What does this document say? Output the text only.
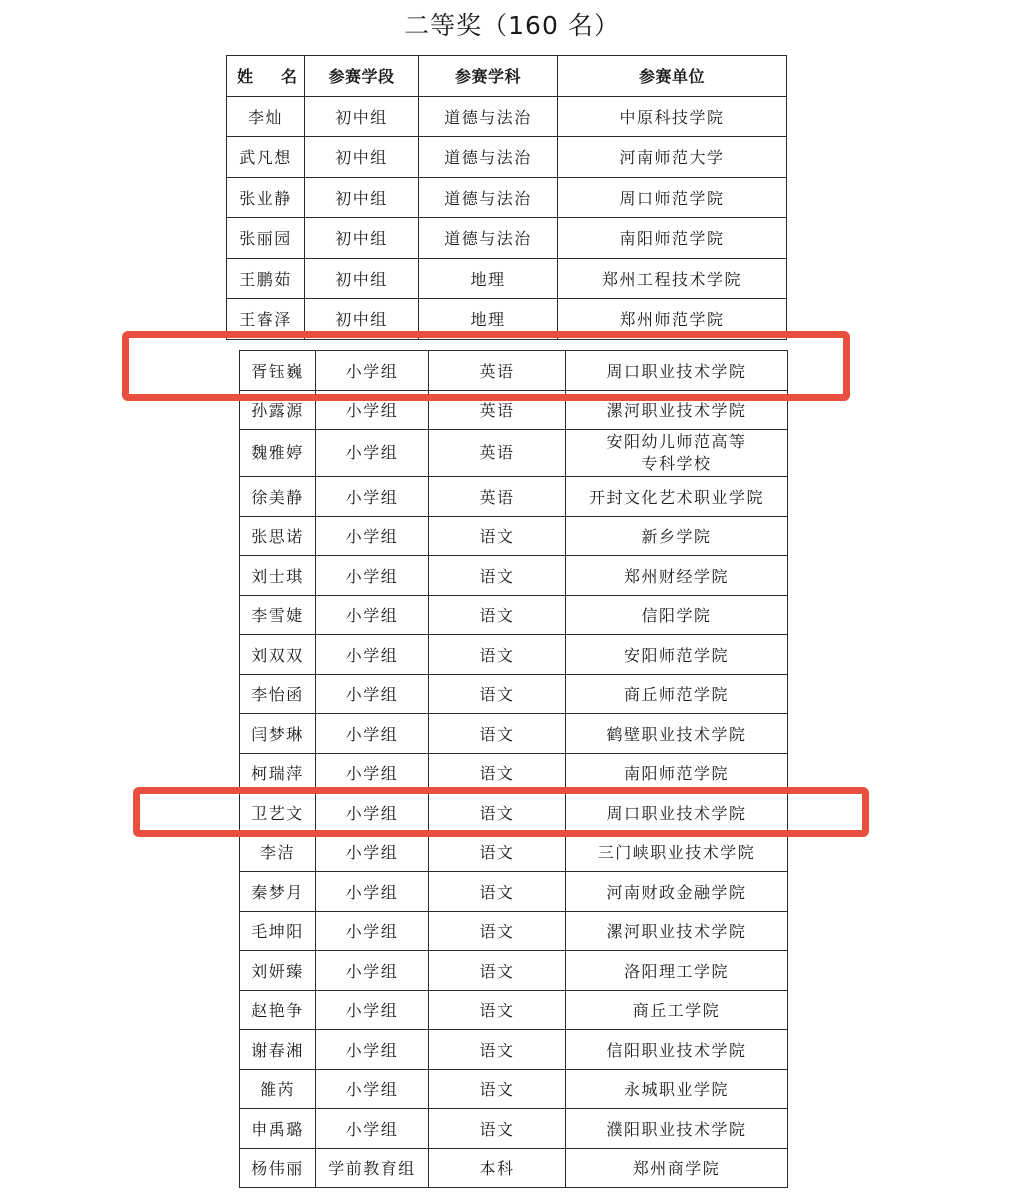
二等奖（160 名）
姓 名	参赛学段	参赛学科	参赛单位
李灿	初中组	道德与法治	中原科技学院
武凡想	初中组	道德与法治	河南师范大学
张业静	初中组	道德与法治	周口师范学院
张丽园	初中组	道德与法治	南阳师范学院
王鹏茹	初中组	地理	郑州工程技术学院
王睿泽	初中组	地理	郑州师范学院
胥钰巍	小学组	英语	周口职业技术学院
孙露源	小学组	英语	漯河职业技术学院
魏雅婷	小学组	英语	安阳幼儿师范高等
专科学校

徐美静	小学组	英语	开封文化艺术职业学院
张思诺	小学组	语文	新乡学院
刘士琪	小学组	语文	郑州财经学院
李雪婕	小学组	语文	信阳学院
刘双双	小学组	语文	安阳师范学院
李怡函	小学组	语文	商丘师范学院
闫梦琳	小学组	语文	鹤壁职业技术学院
柯瑞萍	小学组	语文	南阳师范学院
卫艺文	小学组	语文	周口职业技术学院
李洁	小学组	语文	三门峡职业技术学院
秦梦月	小学组	语文	河南财政金融学院
毛坤阳	小学组	语文	漯河职业技术学院
刘妍臻	小学组	语文	洛阳理工学院
赵艳争	小学组	语文	商丘工学院
谢春湘	小学组	语文	信阳职业技术学院
雒芮	小学组	语文	永城职业学院
申禹璐	小学组	语文	濮阳职业技术学院
杨伟丽	学前教育组	本科	郑州商学院
